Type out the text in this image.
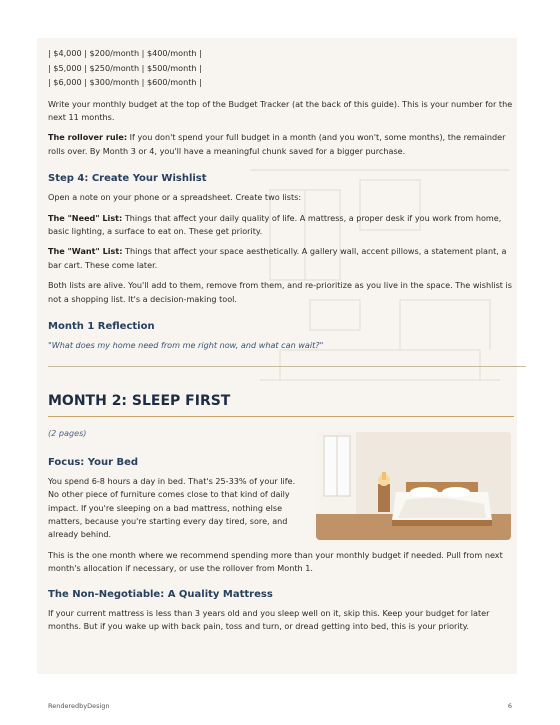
| $4,000 | $200/month | $400/month |

| $5,000 | $250/month | $500/month |

| $6,000 | $300/month | $600/month |

Write your monthly budget at the top of the Budget Tracker (at the back of this guide). This is your number for the next 11 months.

The rollover rule: If you don't spend your full budget in a month (and you won't, some months), the remainder rolls over. By Month 3 or 4, you'll have a meaningful chunk saved for a bigger purchase.

Step 4: Create Your Wishlist

Open a note on your phone or a spreadsheet. Create two lists:

The "Need" List: Things that affect your daily quality of life. A mattress, a proper desk if you work from home, basic lighting, a surface to eat on. These get priority.

The "Want" List: Things that affect your space aesthetically. A gallery wall, accent pillows, a statement plant, a bar cart. These come later.

Both lists are alive. You'll add to them, remove from them, and re-prioritize as you live in the space. The wishlist is not a shopping list. It's a decision-making tool.

Month 1 Reflection

"What does my home need from me right now, and what can wait?"

MONTH 2: SLEEP FIRST

(2 pages)

Focus: Your Bed

You spend 6-8 hours a day in bed. That's 25-33% of your life. No other piece of furniture comes close to that kind of daily impact. If you're sleeping on a bad mattress, nothing else matters, because you're starting every day tired, sore, and already behind.

This is the one month where we recommend spending more than your monthly budget if needed. Pull from next month's allocation if necessary, or use the rollover from Month 1.

The Non-Negotiable: A Quality Mattress

If your current mattress is less than 3 years old and you sleep well on it, skip this. Keep your budget for later months. But if you wake up with back pain, toss and turn, or dread getting into bed, this is your priority.

RenderedbyDesign	6
